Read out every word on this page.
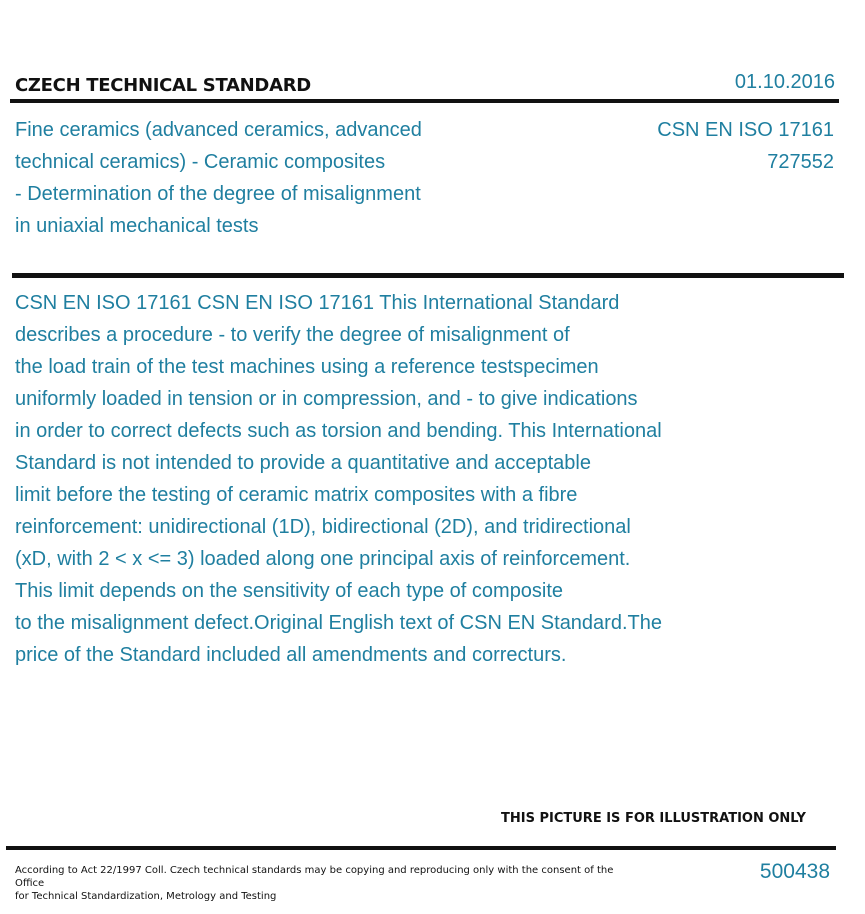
CZECH TECHNICAL STANDARD	01.10.2016
Fine ceramics (advanced ceramics, advanced
technical ceramics) - Ceramic composites
- Determination of the degree of misalignment
in uniaxial mechanical tests
CSN EN ISO 17161
727552
CSN EN ISO 17161 CSN EN ISO 17161 This International Standard
describes a procedure - to verify the degree of misalignment of
the load train of the test machines using a reference testspecimen
uniformly loaded in tension or in compression, and - to give indications
in order to correct defects such as torsion and bending. This International
Standard is not intended to provide a quantitative and acceptable
limit before the testing of ceramic matrix composites with a fibre
reinforcement: unidirectional (1D), bidirectional (2D), and tridirectional
(xD, with 2 < x <= 3) loaded along one principal axis of reinforcement.
This limit depends on the sensitivity of each type of composite
to the misalignment defect.Original English text of CSN EN Standard.The
price of the Standard included all amendments and correcturs.
THIS PICTURE IS FOR ILLUSTRATION ONLY
According to Act 22/1997 Coll. Czech technical standards may be copying and reproducing only with the consent of the Office
for Technical Standardization, Metrology and Testing
500438
